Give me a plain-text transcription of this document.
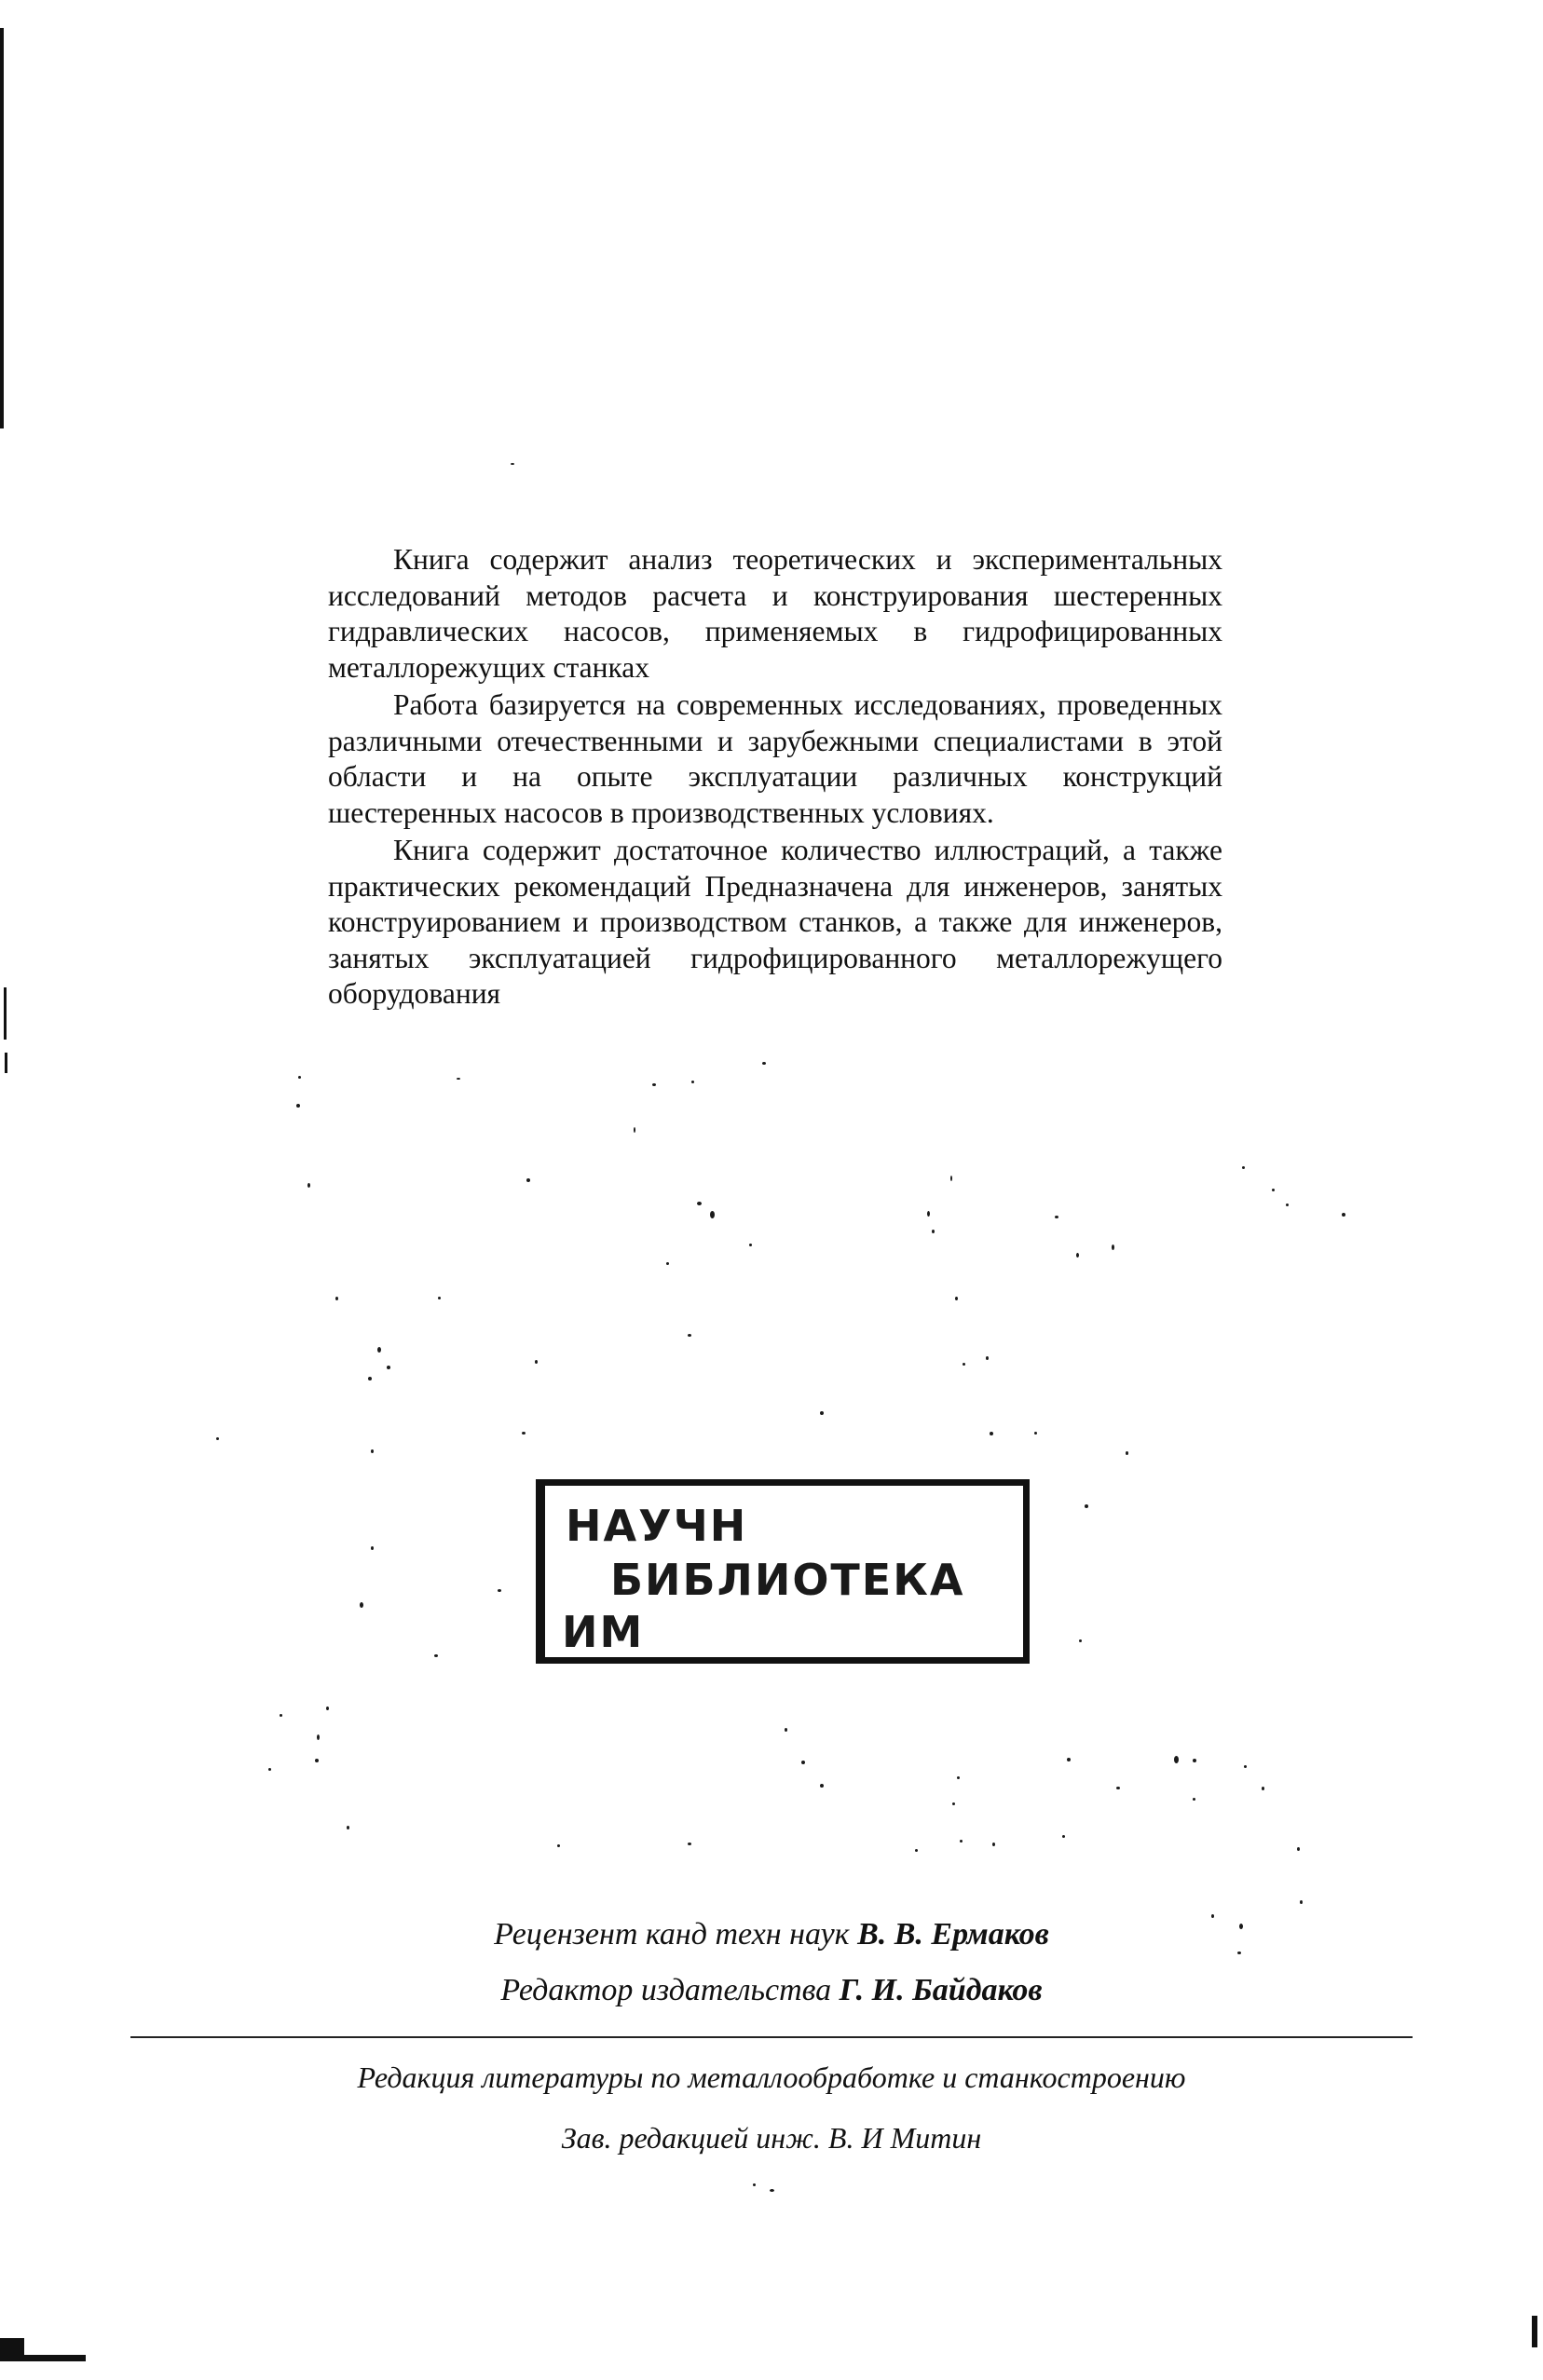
Книга содержит анализ теоретических и экспериментальных исследований методов расчета и конструирования шестеренных гидравлических насосов, применяемых в гидрофицированных металлорежущих станках

Работа базируется на современных исследованиях, проведенных различными отечественными и зарубежными специалистами в этой области и на опыте эксплуатации различных конструкций шестеренных насосов в производственных условиях.

Книга содержит достаточное количество иллюстраций, а также практических рекомендаций Предназначена для инженеров, занятых конструированием и производством станков, а также для инженеров, занятых эксплуатацией гидрофицированного металлорежущего оборудования

НАУЧН
БИБЛИОТЕКА
ИМ
Рецензент канд техн наук В. В. Ермаков
Редактор издательства Г. И. Байдаков
Редакция литературы по металлообработке и станкостроению
Зав. редакцией инж. В. И Митин
